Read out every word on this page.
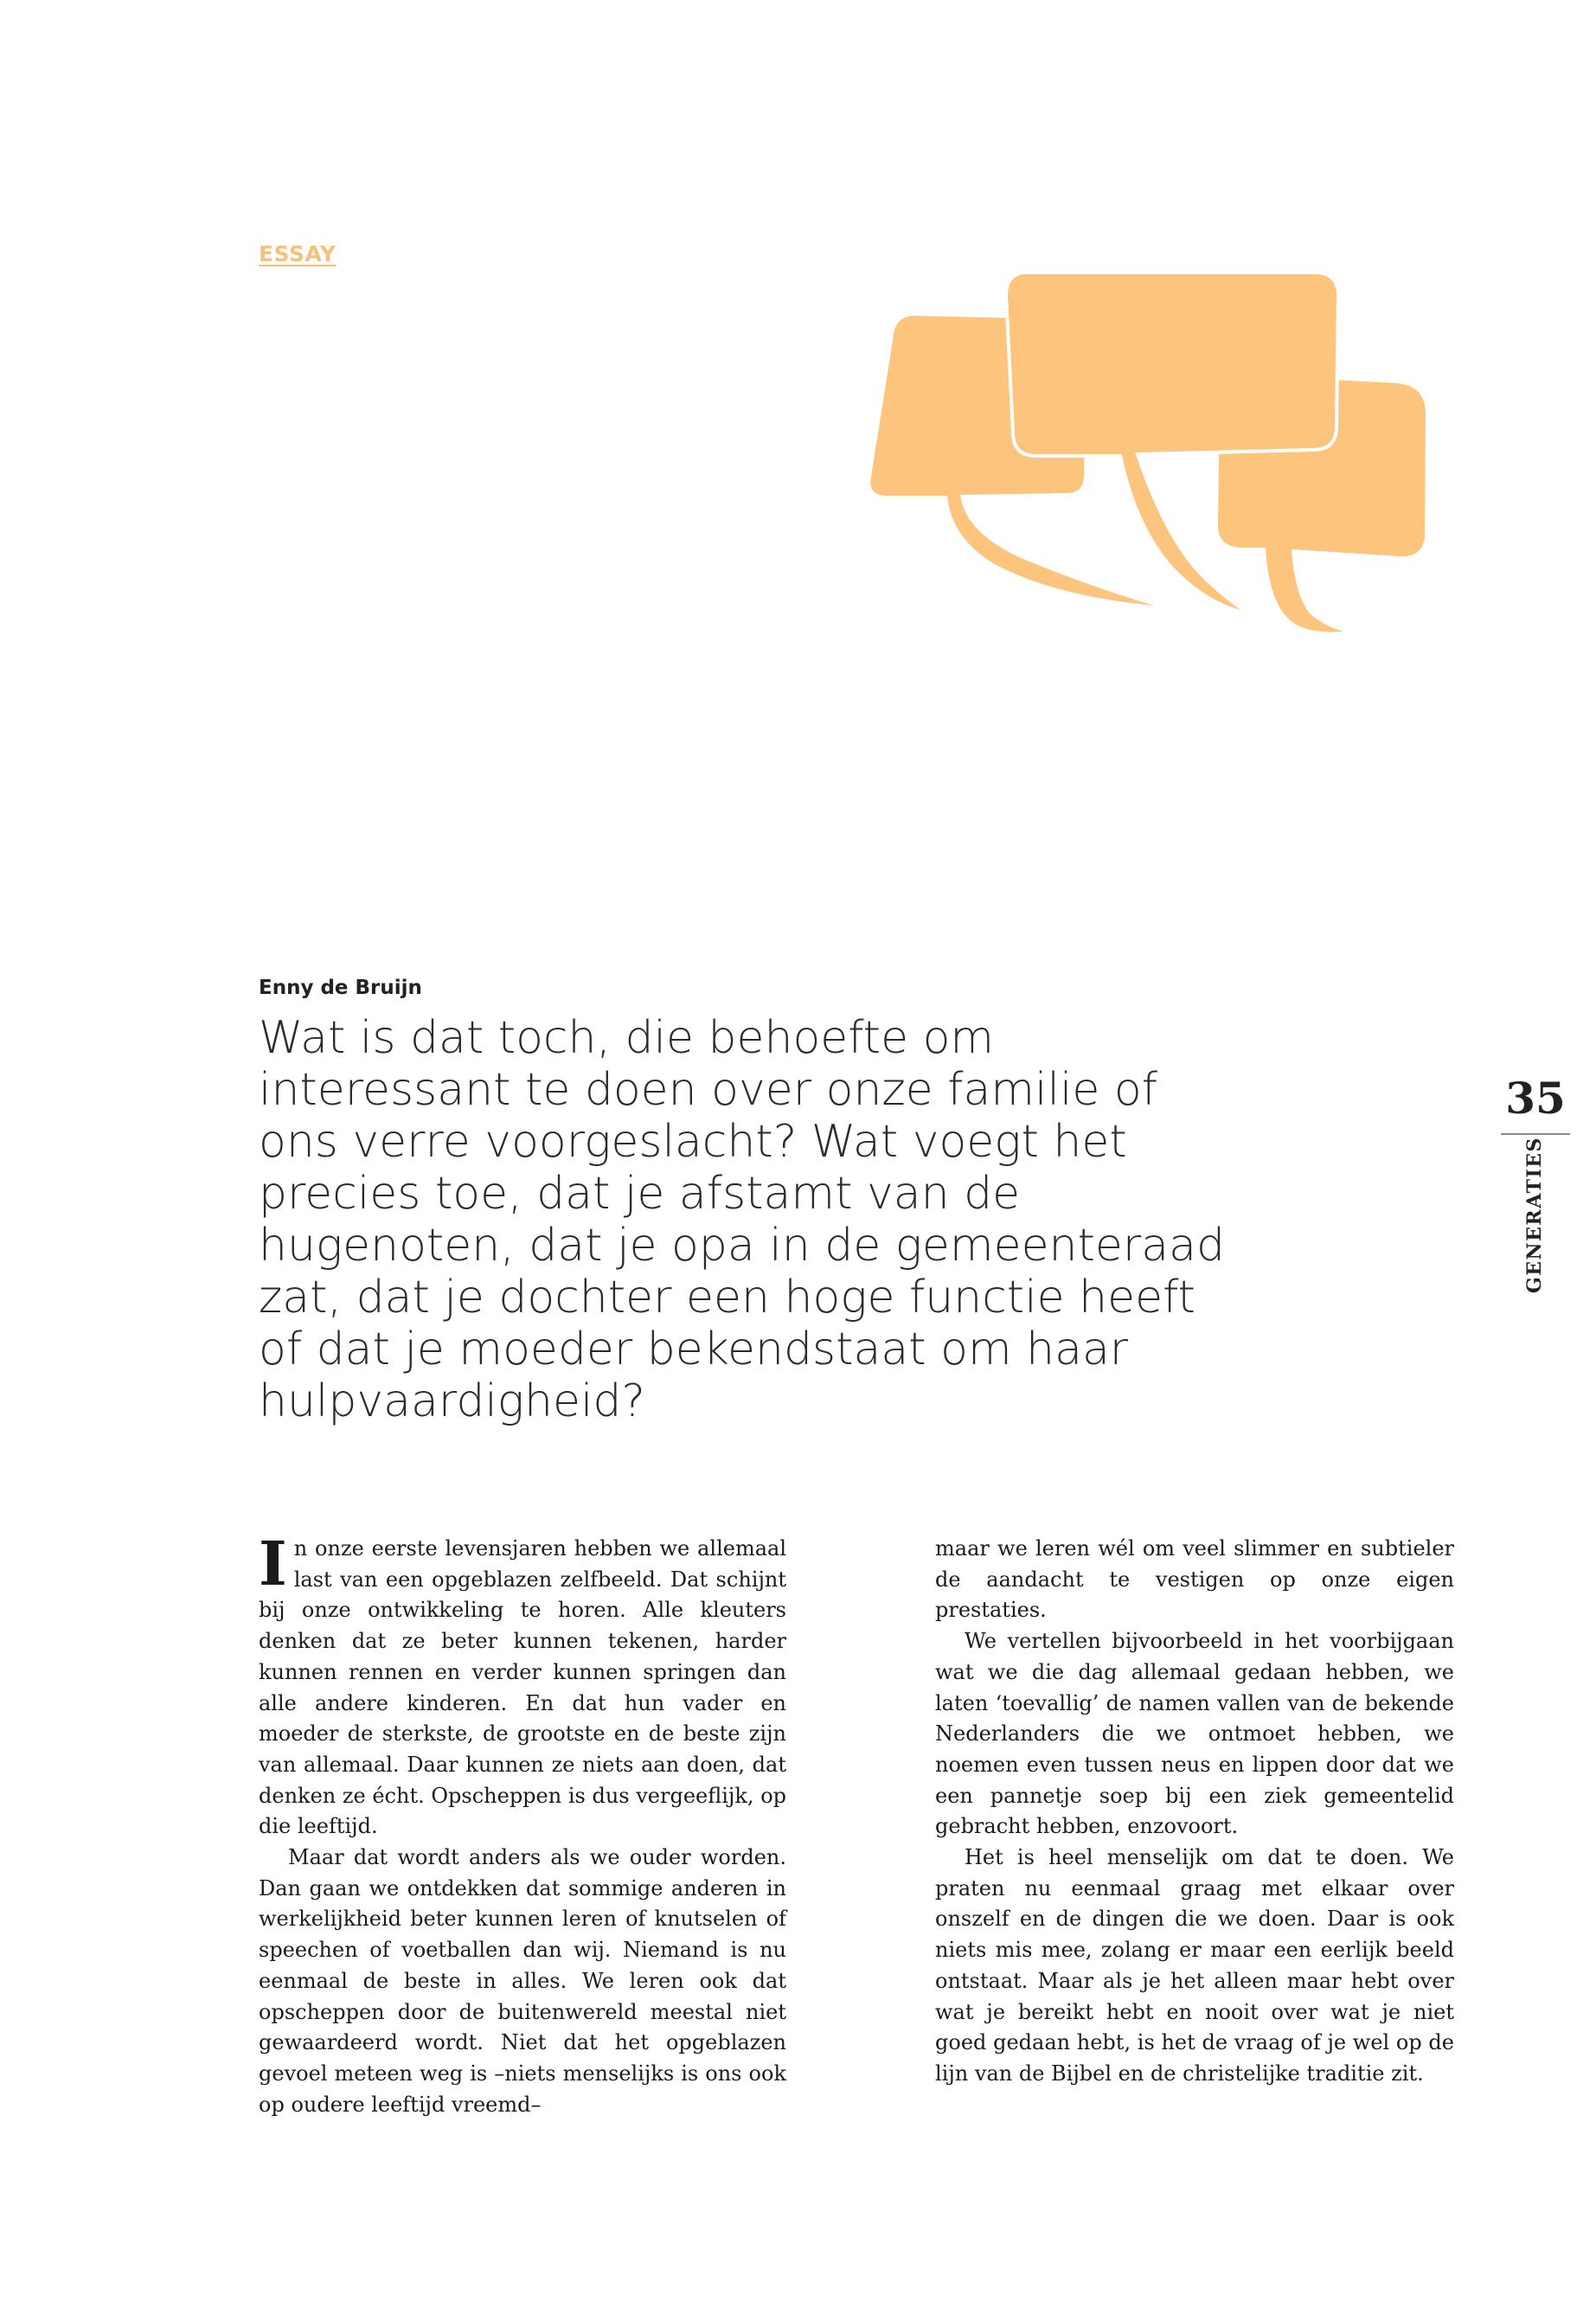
ESSAY
Enny de Bruijn
Wat is dat toch, die behoefte om interessant te doen over onze familie of ons verre voorgeslacht? Wat voegt het precies toe, dat je afstamt van de hugenoten, dat je opa in de gemeenteraad zat, dat je dochter een hoge functie heeft of dat je moeder bekendstaat om haar hulpvaardigheid?
35
GENERATIES

In onze eerste levensjaren hebben we allemaal last van een opgeblazen zelfbeeld. Dat schijnt bij onze ontwikkeling te horen. Alle kleuters denken dat ze beter kunnen tekenen, harder kunnen rennen en verder kunnen springen dan alle andere kinderen. En dat hun vader en moeder de sterkste, de grootste en de beste zijn van allemaal. Daar kunnen ze niets aan doen, dat denken ze écht. Opscheppen is dus vergeeflijk, op die leeftijd.

Maar dat wordt anders als we ouder worden. Dan gaan we ontdekken dat sommige anderen in werkelijkheid beter kunnen leren of knutselen of speechen of voetballen dan wij. Niemand is nu eenmaal de beste in alles. We leren ook dat opscheppen door de buitenwereld meestal niet gewaardeerd wordt. Niet dat het opgeblazen gevoel meteen weg is –niets menselijks is ons ook op oudere leeftijd vreemd–

maar we leren wél om veel slimmer en subtieler de aandacht te vestigen op onze eigen prestaties.

We vertellen bijvoorbeeld in het voorbijgaan wat we die dag allemaal gedaan hebben, we laten ‘toevallig’ de namen vallen van de bekende Nederlanders die we ontmoet hebben, we noemen even tussen neus en lippen door dat we een pannetje soep bij een ziek gemeentelid gebracht hebben, enzovoort.

Het is heel menselijk om dat te doen. We praten nu eenmaal graag met elkaar over onszelf en de dingen die we doen. Daar is ook niets mis mee, zolang er maar een eerlijk beeld ontstaat. Maar als je het alleen maar hebt over wat je bereikt hebt en nooit over wat je niet goed gedaan hebt, is het de vraag of je wel op de lijn van de Bijbel en de christelijke traditie zit.
